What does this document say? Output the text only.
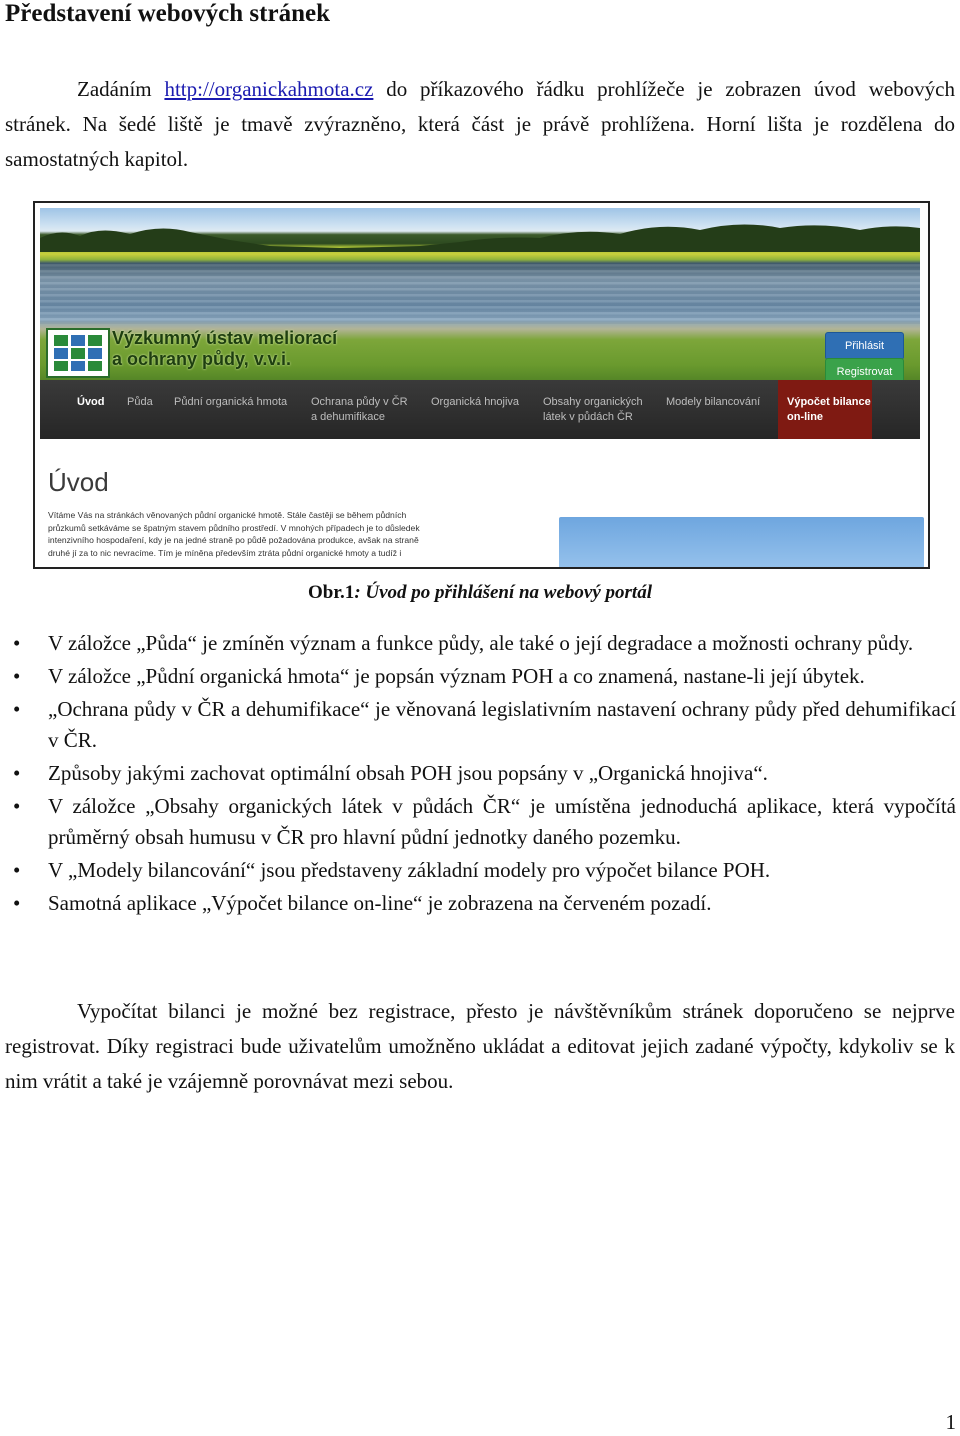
Představení webových stránek

Zadáním http://organickahmota.cz do příkazového řádku prohlížeče je zobrazen úvod webových stránek. Na šedé liště je tmavě zvýrazněno, která část je právě prohlížena. Horní lišta je rozdělena do samostatných kapitol.

Výzkumný ústav meliorací
a ochrany půdy, v.v.i.
Přihlásit
Registrovat
Úvod Půda Půdní organická hmota Ochrana půdy v ČR
a dehumifikace
Organická hnojiva Obsahy organických
látek v půdách ČR
Modely bilancování Výpočet bilance
on-line
Úvod
Vítáme Vás na stránkách věnovaných půdní organické hmotě. Stále častěji se během půdních
průzkumů setkáváme se špatným stavem půdního prostředí. V mnohých případech je to důsledek
intenzivního hospodaření, kdy je na jedné straně po půdě požadována produkce, avšak na straně
druhé jí za to nic nevracíme. Tím je míněna především ztráta půdní organické hmoty a tudíž i
Obr.1: Úvod po přihlášení na webový portál
• V záložce „Půda“ je zmíněn význam a funkce půdy, ale také o její degradace a možnosti ochrany půdy.
• V záložce „Půdní organická hmota“ je popsán význam POH a co znamená, nastane-li její úbytek.
• „Ochrana půdy v ČR a dehumifikace“ je věnovaná legislativním nastavení ochrany půdy před dehumifikací v ČR.
• Způsoby jakými zachovat optimální obsah POH jsou popsány v „Organická hnojiva“.
• V záložce „Obsahy organických látek v půdách ČR“ je umístěna jednoduchá aplikace, která vypočítá průměrný obsah humusu v ČR pro hlavní půdní jednotky daného pozemku.
• V „Modely bilancování“ jsou představeny základní modely pro výpočet bilance POH.
• Samotná aplikace „Výpočet bilance on-line“ je zobrazena na červeném pozadí.

Vypočítat bilanci je možné bez registrace, přesto je návštěvníkům stránek doporučeno se nejprve registrovat. Díky registraci bude uživatelům umožněno ukládat a editovat jejich zadané výpočty, kdykoliv se k nim vrátit a také je vzájemně porovnávat mezi sebou.

1
